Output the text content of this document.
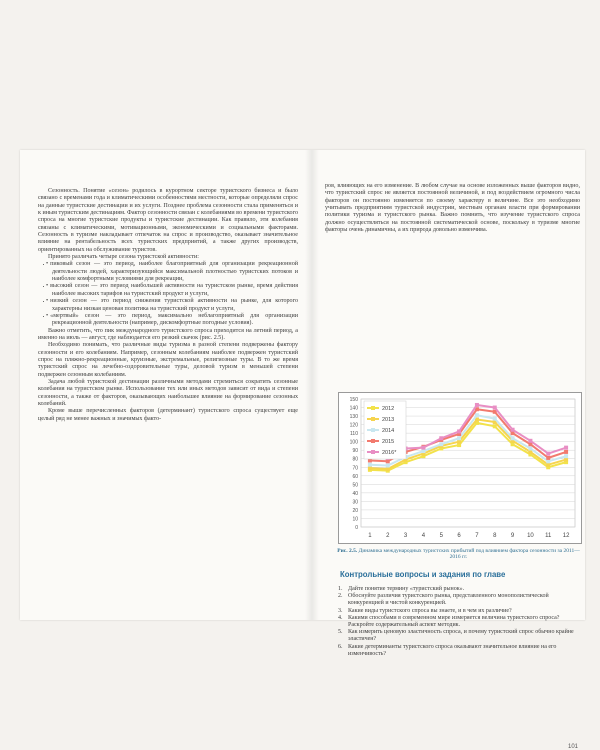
Сезонность. Понятие «сезон» родилось в курортном секторе туристского бизнеса и было связано с временами года и климатическими особенностями местности, которые определяли спрос на данные туристские дестинации и их услуги. Позднее проблема сезонности стала применяться и к иным туристским дестинациям. Фактор сезонности связан с колебаниями во времени туристского спроса на многие туристские продукты и туристские дестинации. Как правило, эти колебания связаны с климатическими, мотивационными, экономическими и социальными факторами. Сезонность в туризме накладывает отпечаток на спрос и производство, оказывает значительное влияние на рентабельность всех туристских предприятий, а также других производств, ориентированных на обслуживание туристов.

Принято различать четыре сезона туристской активности:

• • пиковый сезон — это период, наиболее благоприятный для организации рекреационной деятельности людей, характеризующийся максимальной плотностью туристских потоков и наиболее комфортными условиями для рекреации,
• • высокий сезон — это период наибольшей активности на туристском рынке, время действия наиболее высоких тарифов на туристский продукт и услуги,
• • низкий сезон — это период снижения туристской активности на рынке, для которого характерны низкая ценовая политика на туристский продукт и услуги,
• • «мертвый» сезон — это период, максимально неблагоприятный для организации рекреационной деятельности (например, дискомфортные погодные условия).

Важно отметить, что пик международного туристского спроса приходится на летний период, а именно на июль — август, где наблюдается его резкий скачок (рис. 2.5).

Необходимо понимать, что различные виды туризма в разной степени подвержены фактору сезонности и его колебаниям. Например, сезонным колебаниям наиболее подвержен туристский спрос на пляжно-рекреационные, круизные, экстремальные, религиозные туры. В то же время туристский спрос на лечебно-оздоровительные туры, деловой туризм в меньшей степени подвержен сезонным колебаниям.

Задача любой туристской дестинации различными методами стремиться сократить сезонные колебания на туристском рынке. Использование тех или иных методов зависит от вида и степени сезонности, а также от факторов, оказывающих наибольшее влияние на формирование сезонных колебаний.

Кроме выше перечисленных факторов (детерминант) туристского спроса существует еще целый ряд не менее важных и значимых факто-

ров, влияющих на его изменение. В любом случае на основе изложенных выше факторов видно, что туристский спрос не является постоянной величиной, и под воздействием огромного числа факторов он постоянно изменяется по своему характеру в величине. Все это необходимо учитывать предприятиям туристской индустрии, местным органам власти при формировании политики туризма и туристского рынка. Важно помнить, что изучение туристского спроса должно осуществляться на постоянной систематической основе, поскольку в туризме многие факторы очень динамичны, а их природа довольно изменчива.

0
10
20
30
40
50
60
70
80
90
100
110
120
130
140
150
1 2 3 4 5 6 7 8 9 10 11 12
2012
2013
2014
2015
2016*
Рис. 2.5. Динамика международных туристских прибытий под влиянием фактора сезонности за 2011—2016 гг.
Контрольные вопросы и задания по главе
1. Дайте понятие термину «туристский рынок».
2. Обоснуйте различия туристского рынка, представленного монополистической конкуренцией и чистой конкуренцией.
3. Какие виды туристского спроса вы знаете, и в чем их различие?
4. Какими способами в современном мире измеряется величина туристского спроса? Раскройте содержательный аспект методик.
5. Как измерить ценовую эластичность спроса, и почему туристский спрос обычно крайне эластичен?
6. Какие детерминанты туристского спроса оказывают значительное влияние на его изменчивость?
101
